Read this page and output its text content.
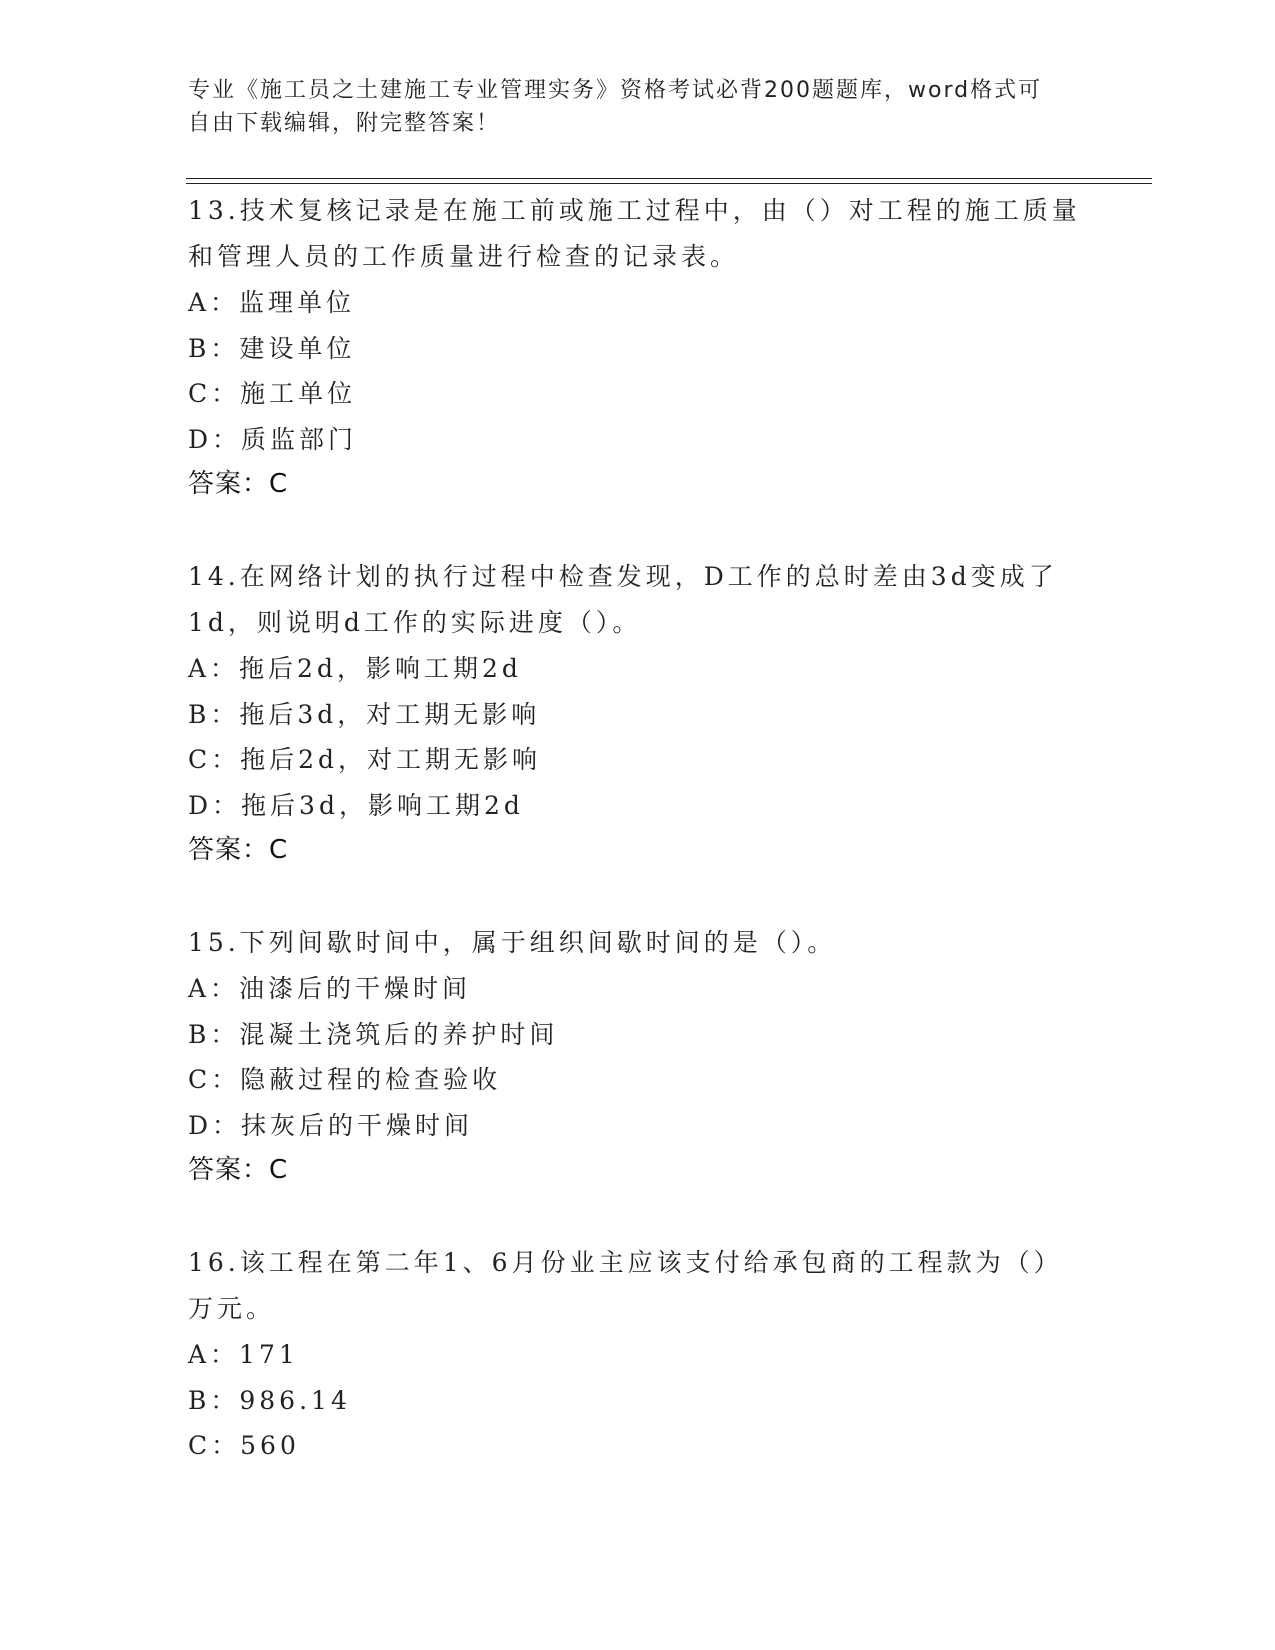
专业《施工员之土建施工专业管理实务》资格考试必背200题题库，word格式可
自由下载编辑，附完整答案！
13.技术复核记录是在施工前或施工过程中，由（）对工程的施工质量
和管理人员的工作质量进行检查的记录表。
A：监理单位
B：建设单位
C：施工单位
D：质监部门
答案：C
14.在网络计划的执行过程中检查发现，D工作的总时差由3d变成了
1d，则说明d工作的实际进度（）。
A：拖后2d，影响工期2d
B：拖后3d，对工期无影响
C：拖后2d，对工期无影响
D：拖后3d，影响工期2d
答案：C
15.下列间歇时间中，属于组织间歇时间的是（）。
A：油漆后的干燥时间
B：混凝土浇筑后的养护时间
C：隐蔽过程的检查验收
D：抹灰后的干燥时间
答案：C
16.该工程在第二年1、6月份业主应该支付给承包商的工程款为（）
万元。
A：171
B：986.14
C：560
